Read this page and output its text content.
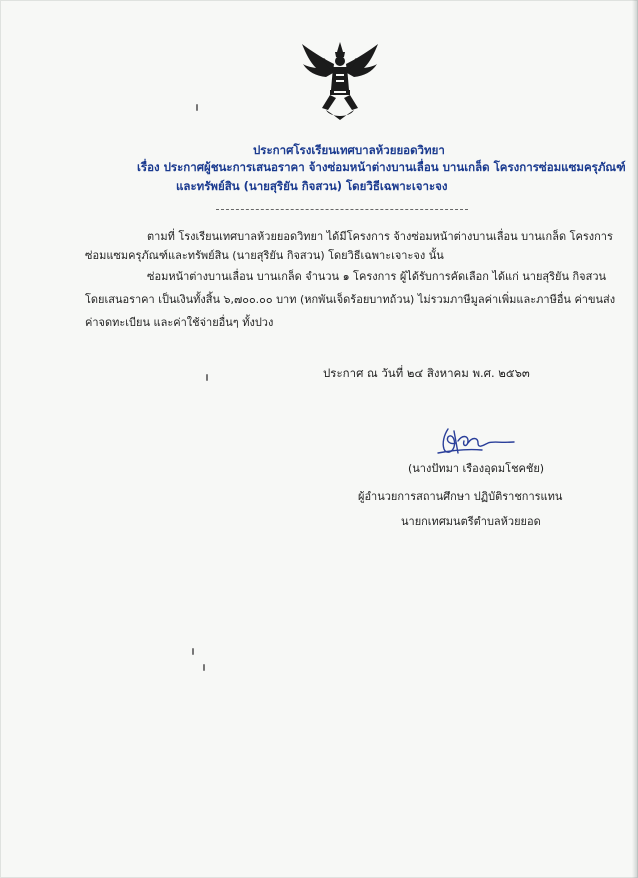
ประกาศโรงเรียนเทศบาลห้วยยอดวิทยา
เรื่อง ประกาศผู้ชนะการเสนอราคา จ้างซ่อมหน้าต่างบานเลื่อน บานเกล็ด โครงการซ่อมแซมครุภัณฑ์
และทรัพย์สิน (นายสุริยัน กิจสวน) โดยวิธีเฉพาะเจาะจง
ตามที่ โรงเรียนเทศบาลห้วยยอดวิทยา ได้มีโครงการ จ้างซ่อมหน้าต่างบานเลื่อน บานเกล็ด โครงการ
ซ่อมแซมครุภัณฑ์และทรัพย์สิน (นายสุริยัน กิจสวน) โดยวิธีเฉพาะเจาะจง นั้น
ซ่อมหน้าต่างบานเลื่อน บานเกล็ด จำนวน ๑ โครงการ ผู้ได้รับการคัดเลือก ได้แก่ นายสุริยัน กิจสวน
โดยเสนอราคา เป็นเงินทั้งสิ้น ๖,๗๐๐.๐๐ บาท (หกพันเจ็ดร้อยบาทถ้วน) ไม่รวมภาษีมูลค่าเพิ่มและภาษีอื่น ค่าขนส่ง
ค่าจดทะเบียน และค่าใช้จ่ายอื่นๆ ทั้งปวง
ประกาศ ณ วันที่ ๒๔ สิงหาคม พ.ศ. ๒๕๖๓
(นางปัทมา เรืองอุดมโชคชัย)
ผู้อำนวยการสถานศึกษา ปฏิบัติราชการแทน
นายกเทศมนตรีตำบลห้วยยอด
